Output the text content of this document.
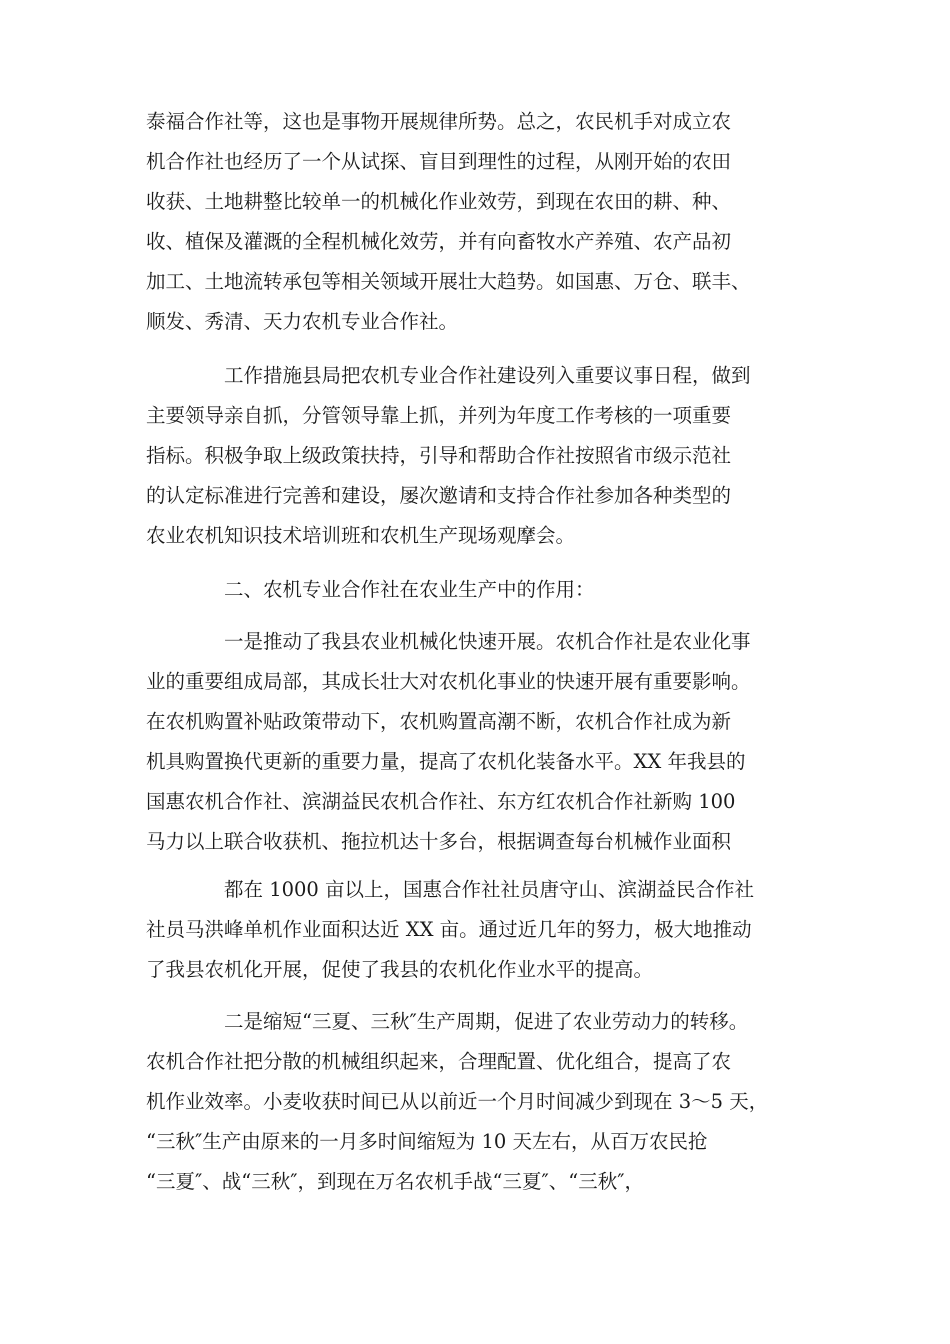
泰福合作社等，这也是事物开展规律所势。总之，农民机手对成立农
机合作社也经历了一个从试探、盲目到理性的过程，从刚开始的农田
收获、土地耕整比较单一的机械化作业效劳，到现在农田的耕、种、
收、植保及灌溉的全程机械化效劳，并有向畜牧水产养殖、农产品初
加工、土地流转承包等相关领域开展壮大趋势。如国惠、万仓、联丰、
顺发、秀清、天力农机专业合作社。
工作措施县局把农机专业合作社建设列入重要议事日程，做到
主要领导亲自抓，分管领导靠上抓，并列为年度工作考核的一项重要
指标。积极争取上级政策扶持，引导和帮助合作社按照省市级示范社
的认定标准进行完善和建设，屡次邀请和支持合作社参加各种类型的
农业农机知识技术培训班和农机生产现场观摩会。
二、农机专业合作社在农业生产中的作用：
一是推动了我县农业机械化快速开展。农机合作社是农业化事
业的重要组成局部，其成长壮大对农机化事业的快速开展有重要影响。
在农机购置补贴政策带动下，农机购置高潮不断，农机合作社成为新
机具购置换代更新的重要力量，提高了农机化装备水平。XX 年我县的
国惠农机合作社、滨湖益民农机合作社、东方红农机合作社新购 100
马力以上联合收获机、拖拉机达十多台，根据调查每台机械作业面积
都在 1000 亩以上，国惠合作社社员唐守山、滨湖益民合作社
社员马洪峰单机作业面积达近 XX 亩。通过近几年的努力，极大地推动
了我县农机化开展，促使了我县的农机化作业水平的提高。
二是缩短“三夏、三秋″生产周期，促进了农业劳动力的转移。
农机合作社把分散的机械组织起来，合理配置、优化组合，提高了农
机作业效率。小麦收获时间已从以前近一个月时间减少到现在 3～5 天，
“三秋″生产由原来的一月多时间缩短为 10 天左右，从百万农民抢
“三夏″、战“三秋″，到现在万名农机手战“三夏″、“三秋″，
